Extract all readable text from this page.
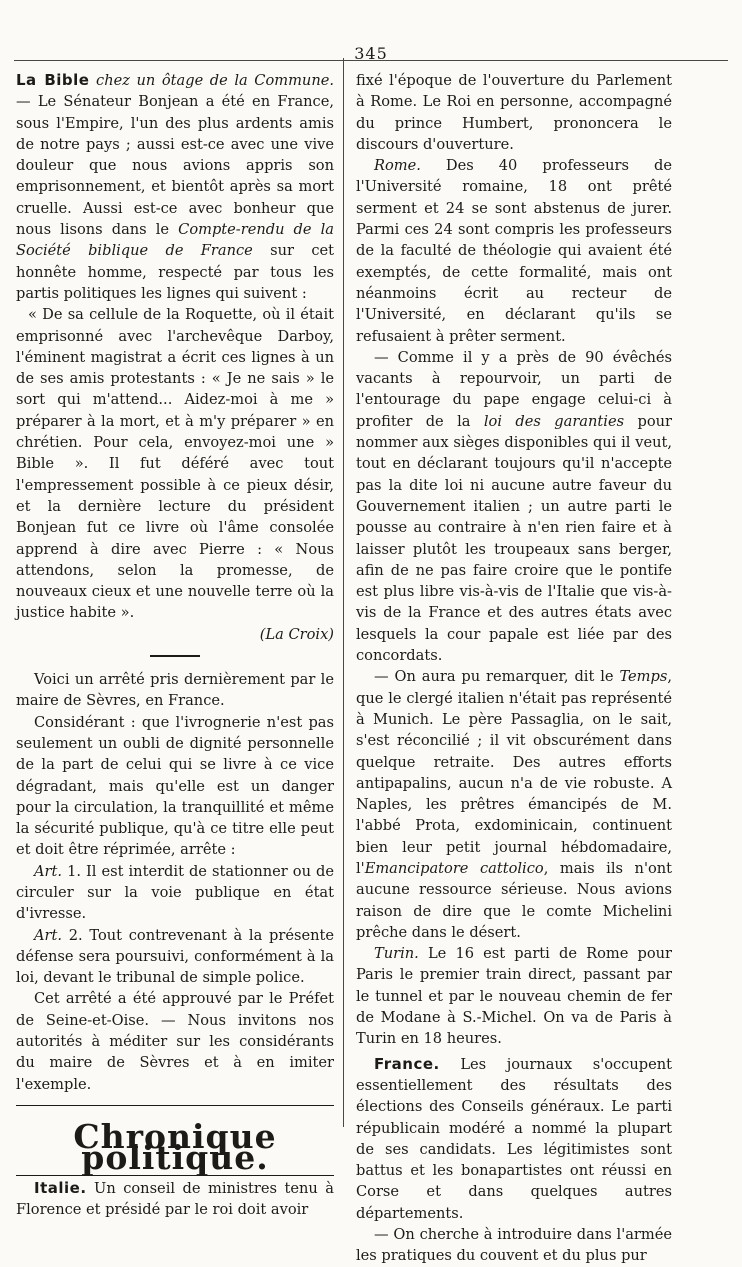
345

La Bible chez un ôtage de la Commune. — Le Sénateur Bonjean a été en France, sous l'Empire, l'un des plus ardents amis de notre pays ; aussi est-ce avec une vive douleur que nous avions appris son emprisonnement, et bientôt après sa mort cruelle. Aussi est-ce avec bonheur que nous lisons dans le Compte-rendu de la Société biblique de France sur cet honnête homme, respecté par tous les partis politiques les lignes qui suivent :

« De sa cellule de la Roquette, où il était emprisonné avec l'archevêque Darboy, l'éminent magistrat a écrit ces lignes à un de ses amis protestants : « Je ne sais » le sort qui m'attend... Aidez-moi à me » préparer à la mort, et à m'y préparer » en chrétien. Pour cela, envoyez-moi une » Bible ». Il fut déféré avec tout l'empressement possible à ce pieux désir, et la dernière lecture du président Bonjean fut ce livre où l'âme consolée apprend à dire avec Pierre : « Nous attendons, selon la promesse, de nouveaux cieux et une nouvelle terre où la justice habite ».

(La Croix)

Voici un arrêté pris dernièrement par le maire de Sèvres, en France.

Considérant : que l'ivrognerie n'est pas seulement un oubli de dignité personnelle de la part de celui qui se livre à ce vice dégradant, mais qu'elle est un danger pour la circulation, la tranquillité et même la sécurité publique, qu'à ce titre elle peut et doit être réprimée, arrête :

Art. 1. Il est interdit de stationner ou de circuler sur la voie publique en état d'ivresse.

Art. 2. Tout contrevenant à la présente défense sera poursuivi, conformément à la loi, devant le tribunal de simple police.

Cet arrêté a été approuvé par le Préfet de Seine-et-Oise. — Nous invitons nos autorités à méditer sur les considérants du maire de Sèvres et à en imiter l'exemple.

Chronique politique.

Italie. Un conseil de ministres tenu à Florence et présidé par le roi doit avoir

fixé l'époque de l'ouverture du Parlement à Rome. Le Roi en personne, accompagné du prince Humbert, prononcera le discours d'ouverture.

Rome. Des 40 professeurs de l'Université romaine, 18 ont prêté serment et 24 se sont abstenus de jurer. Parmi ces 24 sont compris les professeurs de la faculté de théologie qui avaient été exemptés, de cette formalité, mais ont néanmoins écrit au recteur de l'Université, en déclarant qu'ils se refusaient à prêter serment.

— Comme il y a près de 90 évêchés vacants à repourvoir, un parti de l'entourage du pape engage celui-ci à profiter de la loi des garanties pour nommer aux sièges disponibles qui il veut, tout en déclarant toujours qu'il n'accepte pas la dite loi ni aucune autre faveur du Gouvernement italien ; un autre parti le pousse au contraire à n'en rien faire et à laisser plutôt les troupeaux sans berger, afin de ne pas faire croire que le pontife est plus libre vis-à-vis de l'Italie que vis-à-vis de la France et des autres états avec lesquels la cour papale est liée par des concordats.

— On aura pu remarquer, dit le Temps, que le clergé italien n'était pas représenté à Munich. Le père Passaglia, on le sait, s'est réconcilié ; il vit obscurément dans quelque retraite. Des autres efforts antipapalins, aucun n'a de vie robuste. A Naples, les prêtres émancipés de M. l'abbé Prota, exdominicain, continuent bien leur petit journal hébdomadaire, l'Emancipatore cattolico, mais ils n'ont aucune ressource sérieuse. Nous avions raison de dire que le comte Michelini prêche dans le désert.

Turin. Le 16 est parti de Rome pour Paris le premier train direct, passant par le tunnel et par le nouveau chemin de fer de Modane à S.-Michel. On va de Paris à Turin en 18 heures.

France. Les journaux s'occupent essentiellement des résultats des élections des Conseils généraux. Le parti républicain modéré a nommé la plupart de ses candidats. Les légitimistes sont battus et les bonapartistes ont réussi en Corse et dans quelques autres départements.

— On cherche à introduire dans l'armée les pratiques du couvent et du plus pur
